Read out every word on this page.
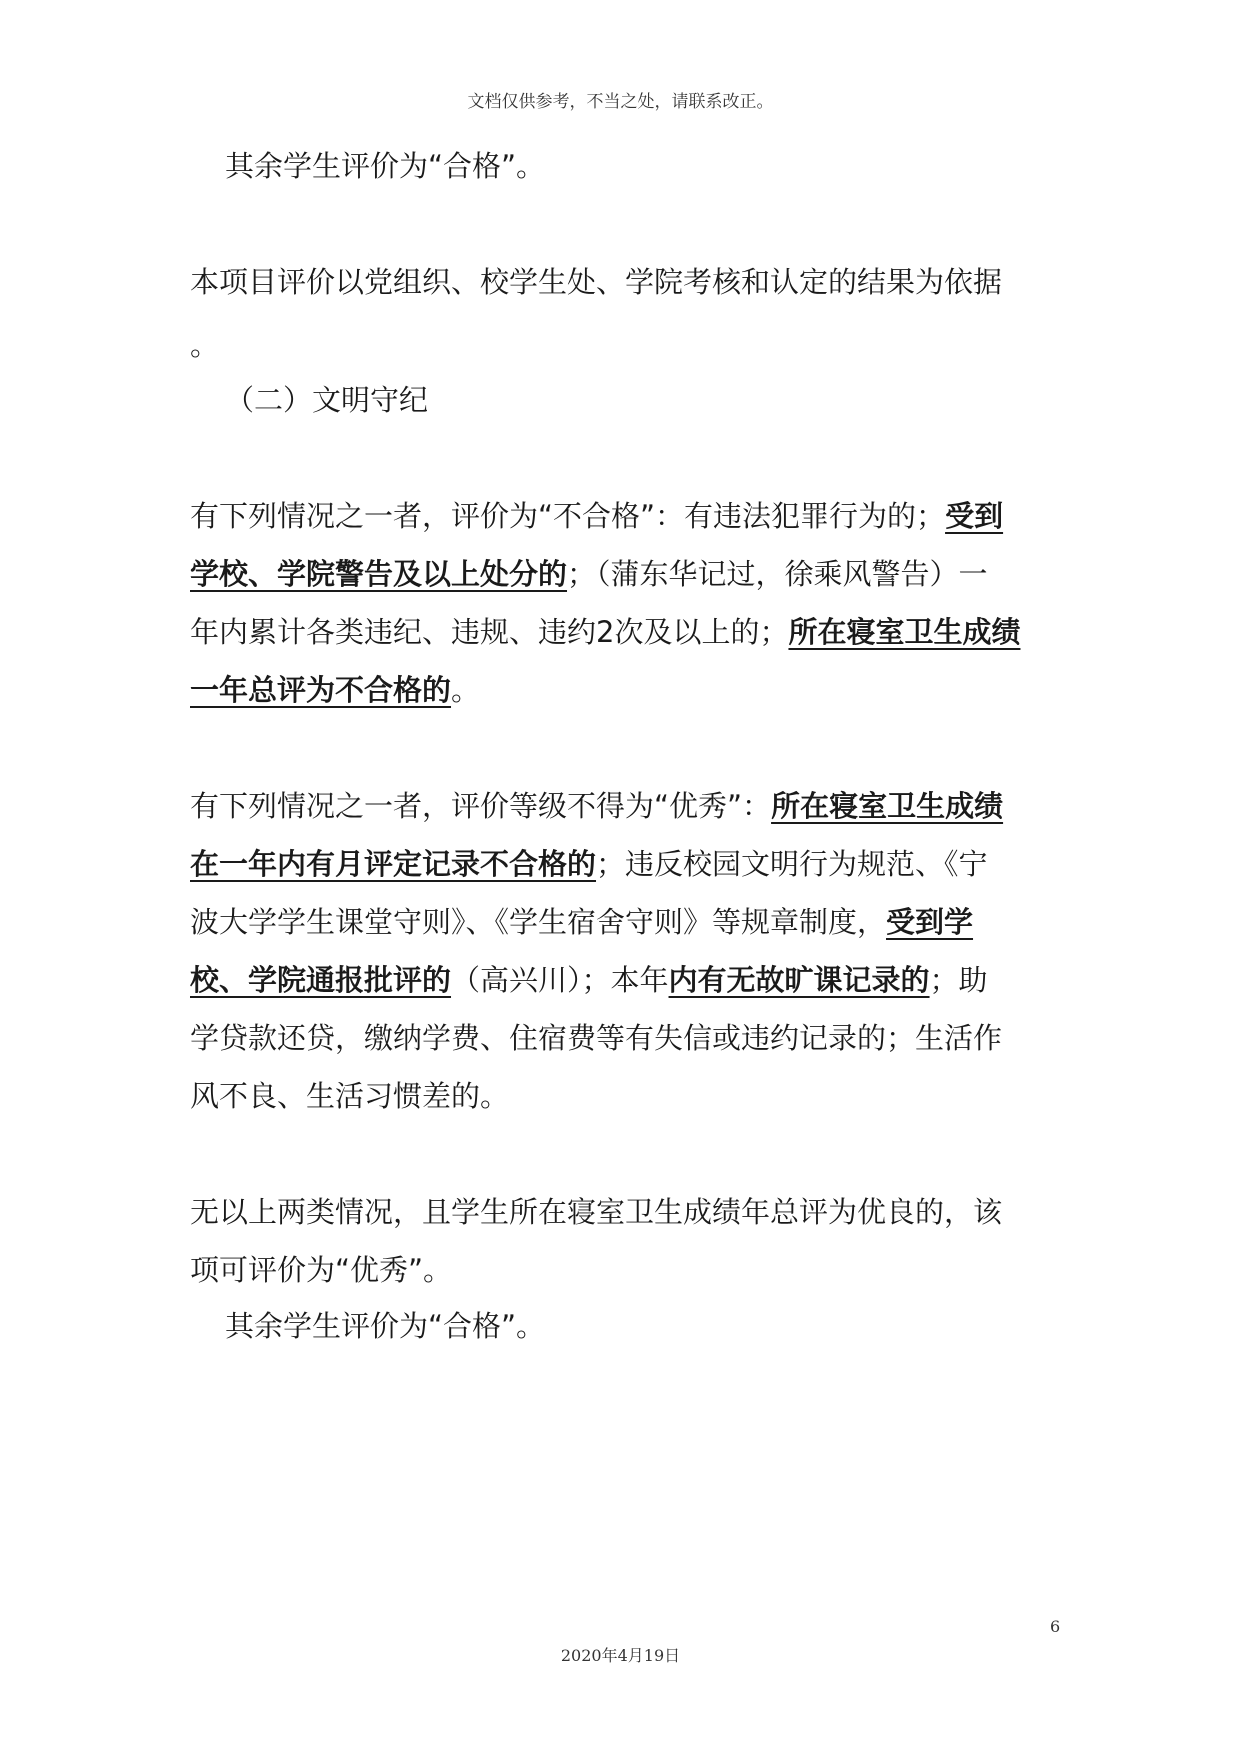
文档仅供参考，不当之处，请联系改正。
其余学生评价为“合格”。
本项目评价以党组织、校学生处、学院考核和认定的结果为依据
。
（二）文明守纪
有下列情况之一者，评价为“不合格”：有违法犯罪行为的；受到
学校、学院警告及以上处分的；（蒲东华记过，徐乘风警告）一
年内累计各类违纪、违规、违约2次及以上的；所在寝室卫生成绩
一年总评为不合格的。
有下列情况之一者，评价等级不得为“优秀”：所在寝室卫生成绩
在一年内有月评定记录不合格的；违反校园文明行为规范、《宁
波大学学生课堂守则》、《学生宿舍守则》等规章制度，受到学
校、学院通报批评的（高兴川）；本年内有无故旷课记录的；助
学贷款还贷，缴纳学费、住宿费等有失信或违约记录的；生活作
风不良、生活习惯差的。
无以上两类情况，且学生所在寝室卫生成绩年总评为优良的，该
项可评价为“优秀”。
其余学生评价为“合格”。
6
2020年4月19日
